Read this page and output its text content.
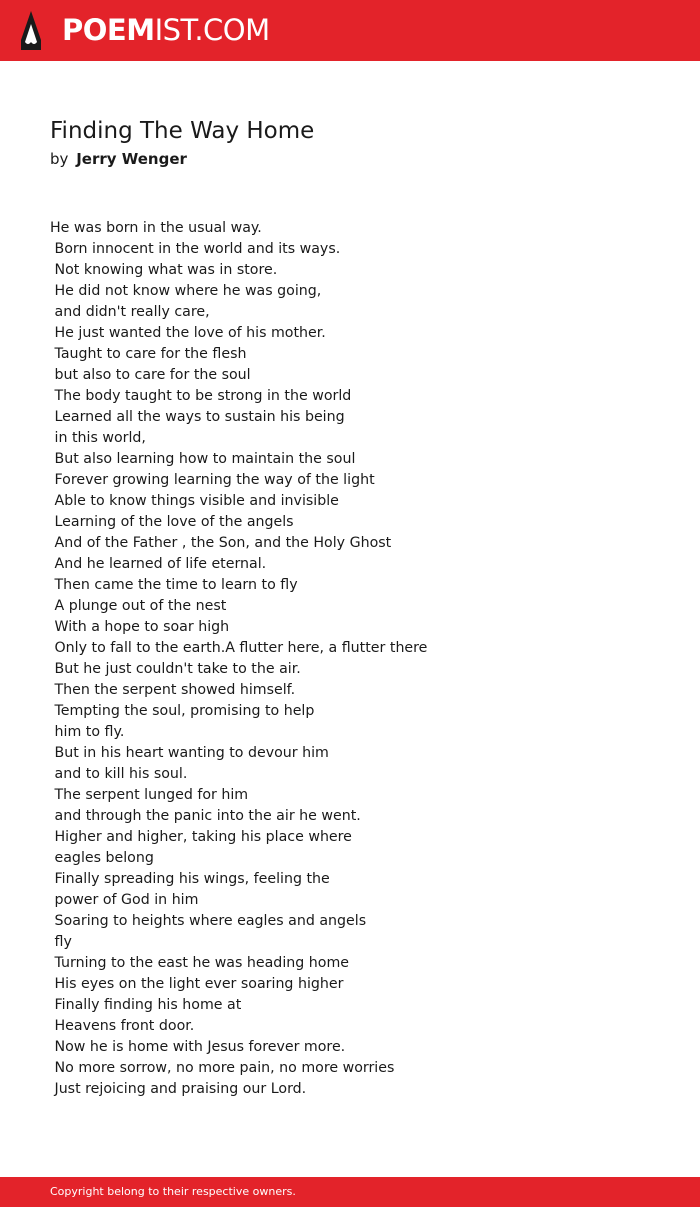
POEMIST.COM
Finding The Way Home
by Jerry Wenger
He was born in the usual way.
Born innocent in the world and its ways.
Not knowing what was in store.
He did not know where he was going,
and didn't really care,
He just wanted the love of his mother.
Taught to care for the flesh
but also to care for the soul
The body taught to be strong in the world
Learned all the ways to sustain his being
in this world,
But also learning how to maintain the soul
Forever growing learning the way of the light
Able to know things visible and invisible
Learning of the love of the angels
And of the Father , the Son, and the Holy Ghost
And he learned of life eternal.
Then came the time to learn to fly
A plunge out of the nest
With a hope to soar high
Only to fall to the earth.A flutter here, a flutter there
But he just couldn't take to the air.
Then the serpent showed himself.
Tempting the soul, promising to help
him to fly.
But in his heart wanting to devour him
and to kill his soul.
The serpent lunged for him
and through the panic into the air he went.
Higher and higher, taking his place where
eagles belong
Finally spreading his wings, feeling the
power of God in him
Soaring to heights where eagles and angels
fly
Turning to the east he was heading home
His eyes on the light ever soaring higher
Finally finding his home at
Heavens front door.
Now he is home with Jesus forever more.
No more sorrow, no more pain, no more worries
Just rejoicing and praising our Lord.
Copyright belong to their respective owners.
